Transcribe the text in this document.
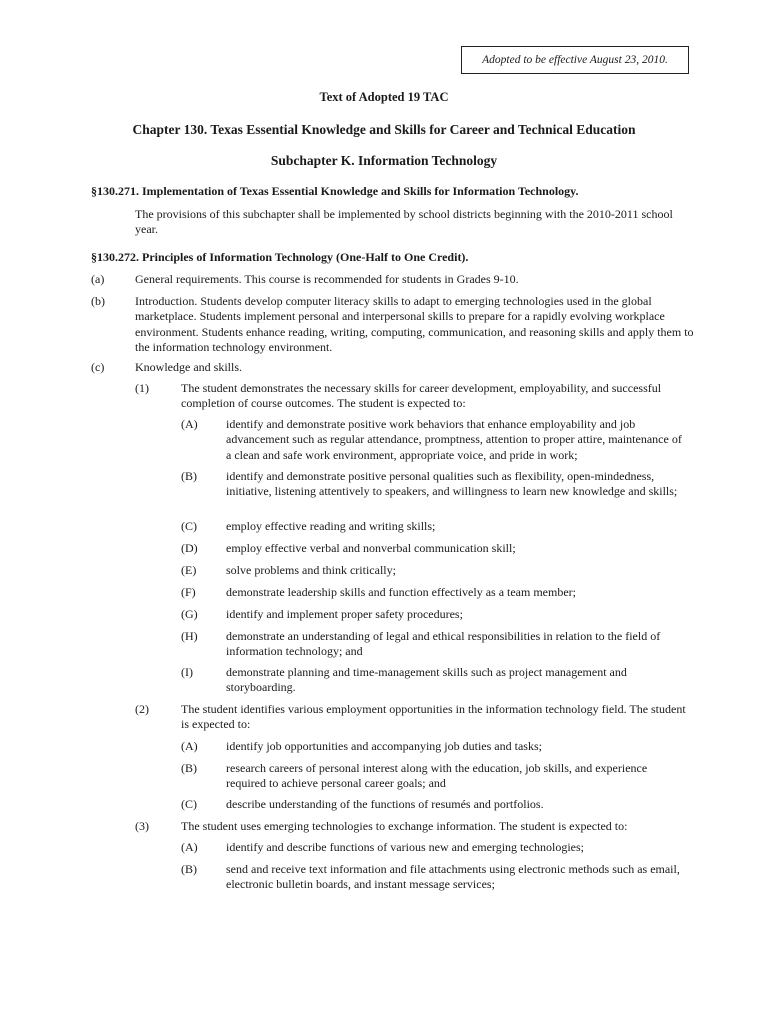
Adopted to be effective August 23, 2010.
Text of Adopted 19 TAC
Chapter 130. Texas Essential Knowledge and Skills for Career and Technical Education
Subchapter K. Information Technology
§130.271. Implementation of Texas Essential Knowledge and Skills for Information Technology.
The provisions of this subchapter shall be implemented by school districts beginning with the 2010-2011 school year.
§130.272. Principles of Information Technology (One-Half to One Credit).
(a)	General requirements. This course is recommended for students in Grades 9-10.
(b)	Introduction. Students develop computer literacy skills to adapt to emerging technologies used in the global marketplace. Students implement personal and interpersonal skills to prepare for a rapidly evolving workplace environment. Students enhance reading, writing, computing, communication, and reasoning skills and apply them to the information technology environment.
(c)	Knowledge and skills.
(1)	The student demonstrates the necessary skills for career development, employability, and successful completion of course outcomes. The student is expected to:
(A) identify and demonstrate positive work behaviors that enhance employability and job advancement such as regular attendance, promptness, attention to proper attire, maintenance of a clean and safe work environment, appropriate voice, and pride in work;
(B) identify and demonstrate positive personal qualities such as flexibility, open-mindedness, initiative, listening attentively to speakers, and willingness to learn new knowledge and skills;
(C) employ effective reading and writing skills;
(D) employ effective verbal and nonverbal communication skill;
(E) solve problems and think critically;
(F)	demonstrate leadership skills and function effectively as a team member;
(G) identify and implement proper safety procedures;
(H) demonstrate an understanding of legal and ethical responsibilities in relation to the field of information technology; and
(I)	demonstrate planning and time-management skills such as project management and storyboarding.
(2)	The student identifies various employment opportunities in the information technology field. The student is expected to:
(A) identify job opportunities and accompanying job duties and tasks;
(B) research careers of personal interest along with the education, job skills, and experience required to achieve personal career goals; and
(C) describe understanding of the functions of resumés and portfolios.
(3)	The student uses emerging technologies to exchange information. The student is expected to:
(A) identify and describe functions of various new and emerging technologies;
(B) send and receive text information and file attachments using electronic methods such as email, electronic bulletin boards, and instant message services;
